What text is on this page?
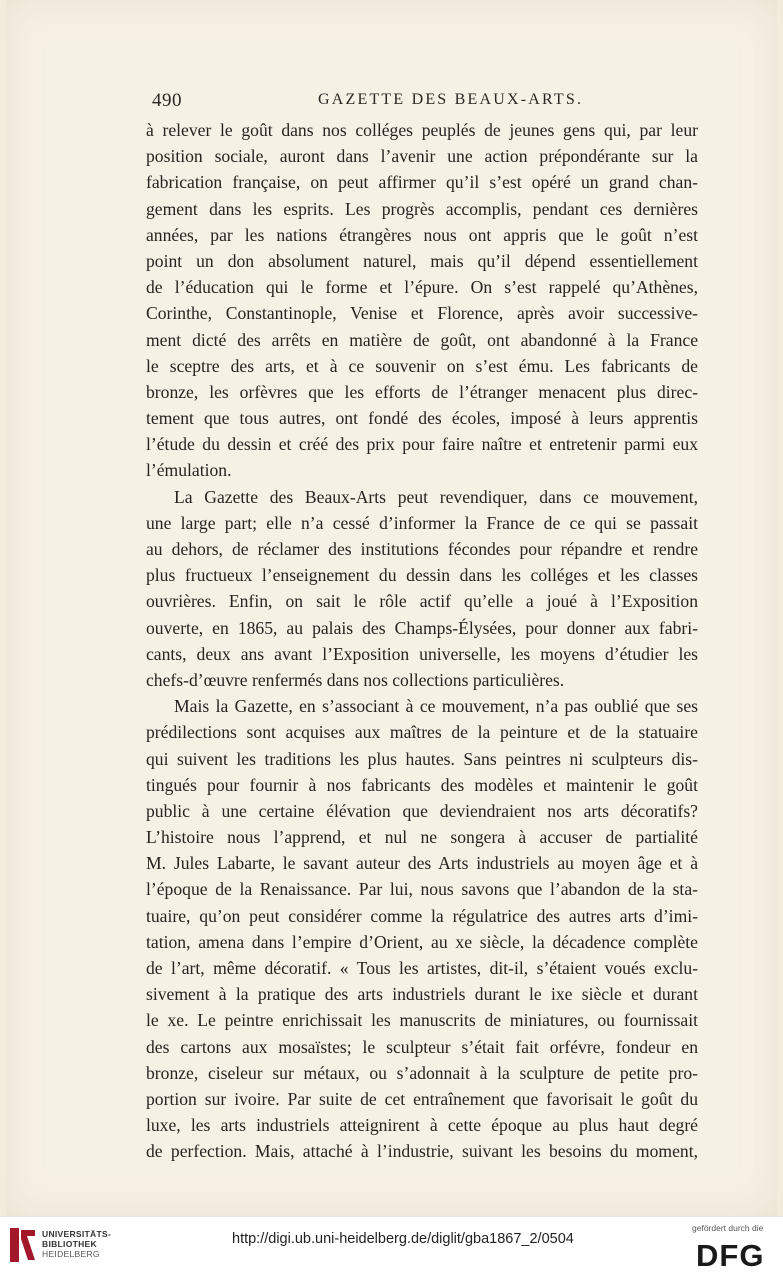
490	GAZETTE DES BEAUX-ARTS.
à relever le goût dans nos colléges peuplés de jeunes gens qui, par leur
position sociale, auront dans l’avenir une action prépondérante sur la
fabrication française, on peut affirmer qu’il s’est opéré un grand chan-
gement dans les esprits. Les progrès accomplis, pendant ces dernières
années, par les nations étrangères nous ont appris que le goût n’est
point un don absolument naturel, mais qu’il dépend essentiellement
de l’éducation qui le forme et l’épure. On s’est rappelé qu’Athènes,
Corinthe, Constantinople, Venise et Florence, après avoir successive-
ment dicté des arrêts en matière de goût, ont abandonné à la France
le sceptre des arts, et à ce souvenir on s’est ému. Les fabricants de
bronze, les orfèvres que les efforts de l’étranger menacent plus direc-
tement que tous autres, ont fondé des écoles, imposé à leurs apprentis
l’étude du dessin et créé des prix pour faire naître et entretenir parmi eux
l’émulation.
La Gazette des Beaux-Arts peut revendiquer, dans ce mouvement,
une large part; elle n’a cessé d’informer la France de ce qui se passait
au dehors, de réclamer des institutions fécondes pour répandre et rendre
plus fructueux l’enseignement du dessin dans les colléges et les classes
ouvrières. Enfin, on sait le rôle actif qu’elle a joué à l’Exposition
ouverte, en 1865, au palais des Champs-Élysées, pour donner aux fabri-
cants, deux ans avant l’Exposition universelle, les moyens d’étudier les
chefs-d’œuvre renfermés dans nos collections particulières.
Mais la Gazette, en s’associant à ce mouvement, n’a pas oublié que ses
prédilections sont acquises aux maîtres de la peinture et de la statuaire
qui suivent les traditions les plus hautes. Sans peintres ni sculpteurs dis-
tingués pour fournir à nos fabricants des modèles et maintenir le goût
public à une certaine élévation que deviendraient nos arts décoratifs?
L’histoire nous l’apprend, et nul ne songera à accuser de partialité
M. Jules Labarte, le savant auteur des Arts industriels au moyen âge et à
l’époque de la Renaissance. Par lui, nous savons que l’abandon de la sta-
tuaire, qu’on peut considérer comme la régulatrice des autres arts d’imi-
tation, amena dans l’empire d’Orient, au xe siècle, la décadence complète
de l’art, même décoratif. « Tous les artistes, dit-il, s’étaient voués exclu-
sivement à la pratique des arts industriels durant le ixe siècle et durant
le xe. Le peintre enrichissait les manuscrits de miniatures, ou fournissait
des cartons aux mosaïstes; le sculpteur s’était fait orfévre, fondeur en
bronze, ciseleur sur métaux, ou s’adonnait à la sculpture de petite pro-
portion sur ivoire. Par suite de cet entraînement que favorisait le goût du
luxe, les arts industriels atteignirent à cette époque au plus haut degré
de perfection. Mais, attaché à l’industrie, suivant les besoins du moment,
UNIVERSITÄTS-
BIBLIOTHEK
HEIDELBERG
http://digi.ub.uni-heidelberg.de/diglit/gba1867_2/0504
gefördert durch die
DFG
